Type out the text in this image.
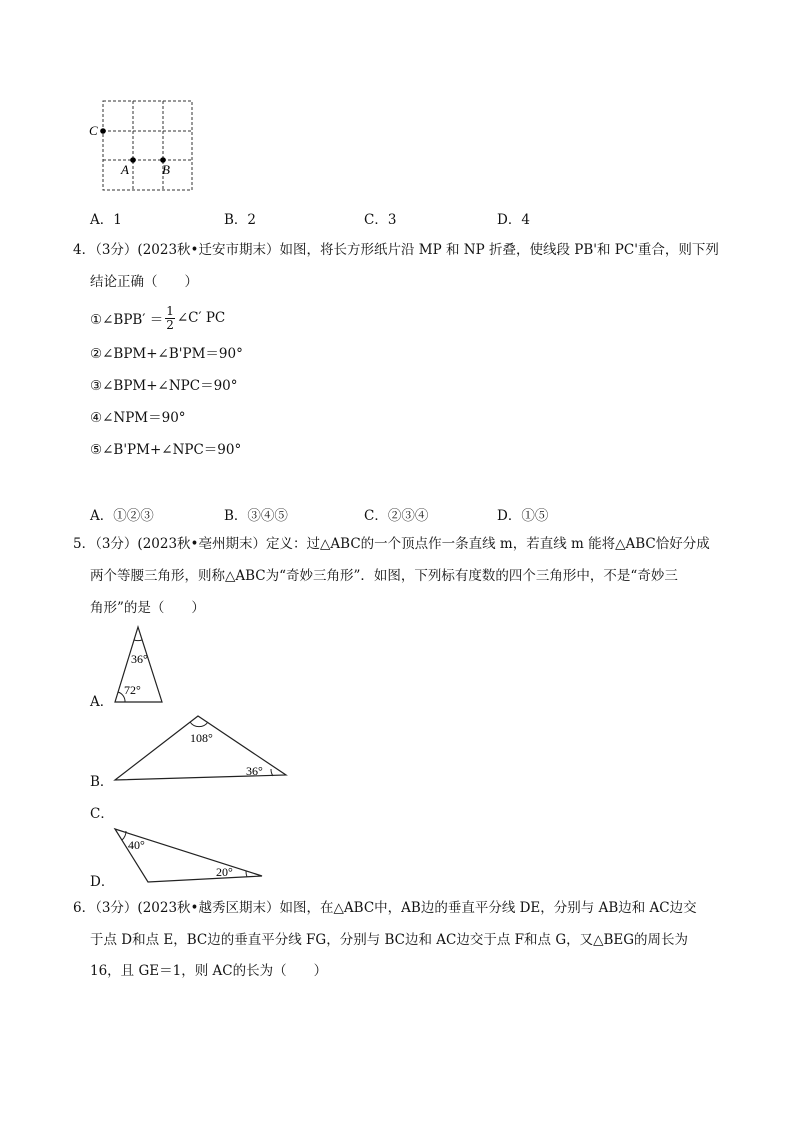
C
A	B
A．1	B．2	C．3	D．4
4．（3分）(2023秋•迁安市期末）如图，将长方形纸片沿 MP 和 NP 折叠，使线段 PB'和 PC'重合，则下列
结论正确（　　）
①∠BPB′ ＝ $\frac{1}{2}$ ∠C′ PC
②∠BPM+∠B'PM＝90°
③∠BPM+∠NPC＝90°
④∠NPM＝90°
⑤∠B'PM+∠NPC＝90°
A．①②③	B．③④⑤	C．②③④	D．①⑤
5．（3分）(2023秋•亳州期末）定义：过△ABC的一个顶点作一条直线 m，若直线 m 能将△ABC恰好分成
两个等腰三角形，则称△ABC为“奇妙三角形”．如图，下列标有度数的四个三角形中，不是“奇妙三
角形”的是（　　）
36°
72°
A．
108°
36°
B．
C．
40°
20°
D．
6．（3分）(2023秋•越秀区期末）如图，在△ABC中，AB边的垂直平分线 DE，分别与 AB边和 AC边交
于点 D和点 E，BC边的垂直平分线 FG，分别与 BC边和 AC边交于点 F和点 G，又△BEG的周长为
16，且 GE＝1，则 AC的长为（　　）
